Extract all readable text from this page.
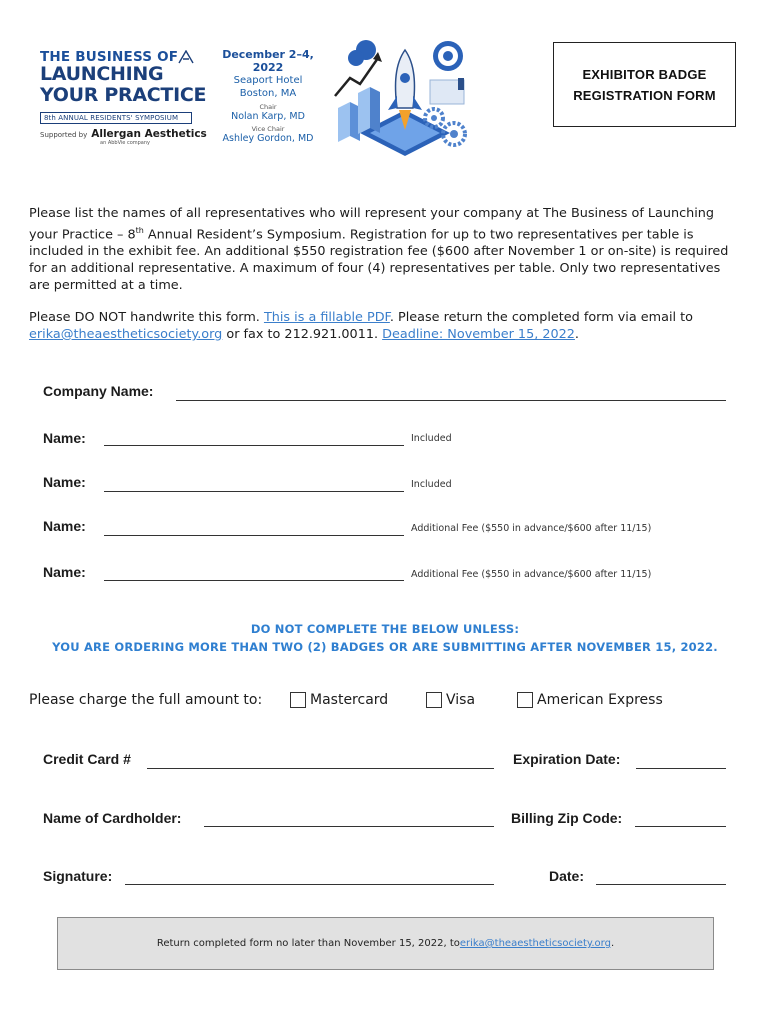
THE BUSINESS OF
LAUNCHING
YOUR PRACTICE
8th ANNUAL RESIDENTS' SYMPOSIUM
Supported by Allergan Aesthetics
an AbbVie company
December 2–4, 2022
Seaport Hotel
Boston, MA
Chair
Nolan Karp, MD
Vice Chair
Ashley Gordon, MD
EXHIBITOR BADGE
REGISTRATION FORM

Please list the names of all representatives who will represent your company at The Business of Launching your Practice – 8th Annual Resident’s Symposium. Registration for up to two representatives per table is included in the exhibit fee. An additional $550 registration fee ($600 after November 1 or on-site) is required for an additional representative. A maximum of four (4) representatives per table. Only two representatives are permitted at a time.

Please DO NOT handwrite this form. This is a fillable PDF. Please return the completed form via email to erika@theaestheticsociety.org or fax to 212.921.0011. Deadline: November 15, 2022.

Company Name:
Name:	Included
Name:	Included
Name:	Additional Fee ($550 in advance/$600 after 11/15)
Name:	Additional Fee ($550 in advance/$600 after 11/15)
DO NOT COMPLETE THE BELOW UNLESS:
YOU ARE ORDERING MORE THAN TWO (2) BADGES OR ARE SUBMITTING AFTER NOVEMBER 15, 2022.
Please charge the full amount to:	Mastercard	Visa	American Express
Credit Card #	Expiration Date:
Name of Cardholder:	Billing Zip Code:
Signature:	Date:
Return completed form no later than November 15, 2022, to erika@theaestheticsociety.org .
